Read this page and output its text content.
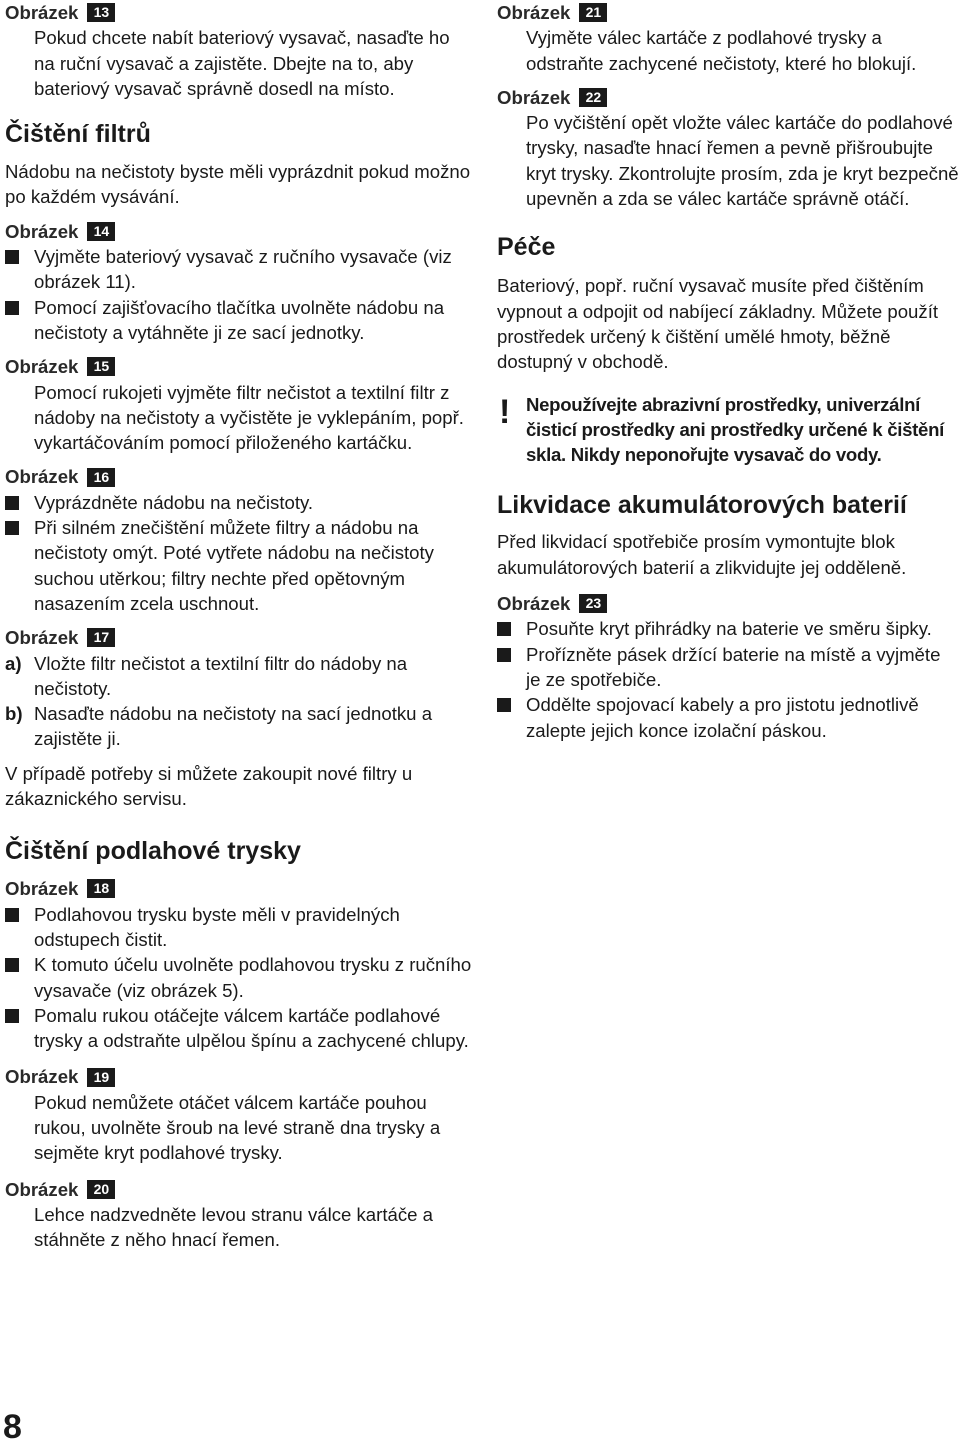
Obrázek	13

Pokud chcete nabít bateriový vysavač, nasaďte ho na ruční vysavač a zajistěte. Dbejte na to, aby bateriový vysavač správně dosedl na místo.

Čištění filtrů

Nádobu na nečistoty byste měli vyprázdnit pokud možno po každém vysávání.

Obrázek	14

Vyjměte bateriový vysavač z ručního vysavače (viz obrázek 11).

Pomocí zajišťovacího tlačítka uvolněte nádobu na nečistoty a vytáhněte ji ze sací jednotky.

Obrázek	15

Pomocí rukojeti vyjměte filtr nečistot a textilní filtr z nádoby na nečistoty a vyčistěte je vyklepáním, popř. vykartáčováním pomocí přiloženého kartáčku.

Obrázek	16

Vyprázdněte nádobu na nečistoty.

Při silném znečištění můžete filtry a nádobu na nečistoty omýt. Poté vytřete nádobu na nečistoty suchou utěrkou; filtry nechte před opětovným nasazením zcela uschnout.

Obrázek	17

a) Vložte filtr nečistot a textilní filtr do nádoby na nečistoty.

b) Nasaďte nádobu na nečistoty na sací jednotku a zajistěte ji.

V případě potřeby si můžete zakoupit nové filtry u zákaznického servisu.

Čištění podlahové trysky

Obrázek	18

Podlahovou trysku byste měli v pravidelných odstupech čistit.

K tomuto účelu uvolněte podlahovou trysku z ručního vysavače (viz obrázek 5).

Pomalu rukou otáčejte válcem kartáče podlahové trysky a odstraňte ulpělou špínu a zachycené chlupy.

Obrázek	19

Pokud nemůžete otáčet válcem kartáče pouhou rukou, uvolněte šroub na levé straně dna trysky a sejměte kryt podlahové trysky.

Obrázek	20

Lehce nadzvedněte levou stranu válce kartáče a stáhněte z něho hnací řemen.

Obrázek	21

Vyjměte válec kartáče z podlahové trysky a odstraňte zachycené nečistoty, které ho blokují.

Obrázek	22

Po vyčištění opět vložte válec kartáče do podlahové trysky, nasaďte hnací řemen a pevně přišroubujte kryt trysky. Zkontrolujte prosím, zda je kryt bezpečně upevněn a zda se válec kartáče správně otáčí.

Péče

Bateriový, popř. ruční vysavač musíte před čištěním vypnout a odpojit od nabíjecí základny. Můžete použít prostředek určený k čištění umělé hmoty, běžně dostupný v obchodě.

! Nepoužívejte abrazivní prostředky, univerzální čisticí prostředky ani prostředky určené k čištění skla. Nikdy neponořujte vysavač do vody.

Likvidace akumulátorových baterií

Před likvidací spotřebiče prosím vymontujte blok akumulátorových baterií a zlikvidujte jej odděleně.

Obrázek	23

Posuňte kryt přihrádky na baterie ve směru šipky.

Prořízněte pásek držící baterie na místě a vyjměte je ze spotřebiče.

Oddělte spojovací kabely a pro jistotu jednotlivě zalepte jejich konce izolační páskou.

8
